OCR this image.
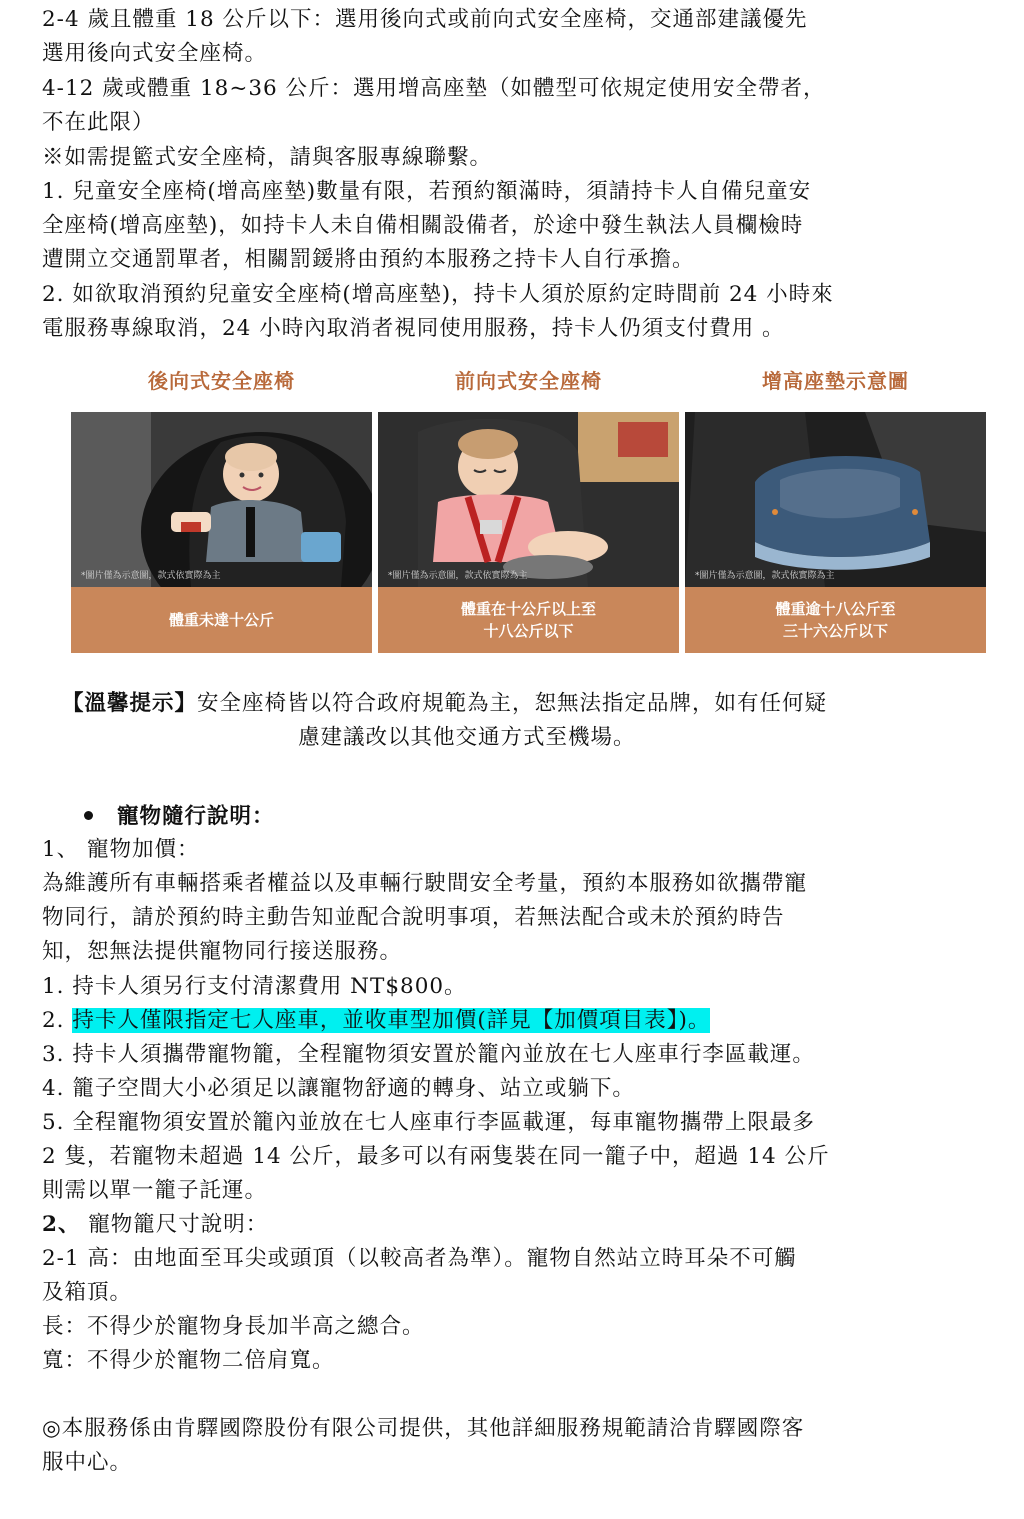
2-4 歲且體重 18 公斤以下：選用後向式或前向式安全座椅，交通部建議優先
選用後向式安全座椅。
4-12 歲或體重 18~36 公斤：選用增高座墊（如體型可依規定使用安全帶者，
不在此限）
※如需提籃式安全座椅，請與客服專線聯繫。
1. 兒童安全座椅(增高座墊)數量有限，若預約額滿時，須請持卡人自備兒童安
全座椅(增高座墊)，如持卡人未自備相關設備者，於途中發生執法人員欄檢時
遭開立交通罰單者，相關罰鍰將由預約本服務之持卡人自行承擔。
2. 如欲取消預約兒童安全座椅(增高座墊)，持卡人須於原約定時間前 24 小時來
電服務專線取消，24 小時內取消者視同使用服務，持卡人仍須支付費用 。
後向式安全座椅
*圖片僅為示意圖，款式依實際為主
體重未達十公斤
前向式安全座椅
*圖片僅為示意圖，款式依實際為主
體重在十公斤以上至
十八公斤以下
增高座墊示意圖
*圖片僅為示意圖，款式依實際為主
體重逾十八公斤至
三十六公斤以下
【溫馨提示】安全座椅皆以符合政府規範為主，恕無法指定品牌，如有任何疑
慮建議改以其他交通方式至機場。
寵物隨行說明：
1、 寵物加價：
為維護所有車輛搭乘者權益以及車輛行駛間安全考量，預約本服務如欲攜帶寵
物同行，請於預約時主動告知並配合說明事項，若無法配合或未於預約時告
知，恕無法提供寵物同行接送服務。
1. 持卡人須另行支付清潔費用 NT$800。
2. 持卡人僅限指定七人座車，並收車型加價(詳見【加價項目表】)。
3. 持卡人須攜帶寵物籠，全程寵物須安置於籠內並放在七人座車行李區載運。
4. 籠子空間大小必須足以讓寵物舒適的轉身、站立或躺下。
5. 全程寵物須安置於籠內並放在七人座車行李區載運，每車寵物攜帶上限最多
2 隻，若寵物未超過 14 公斤，最多可以有兩隻裝在同一籠子中，超過 14 公斤
則需以單一籠子託運。
2、 寵物籠尺寸說明：
2-1 高：由地面至耳尖或頭頂（以較高者為準）。寵物自然站立時耳朵不可觸
及箱頂。
長：不得少於寵物身長加半高之總合。
寬：不得少於寵物二倍肩寬。
◎本服務係由肯驛國際股份有限公司提供，其他詳細服務規範請洽肯驛國際客
服中心。
